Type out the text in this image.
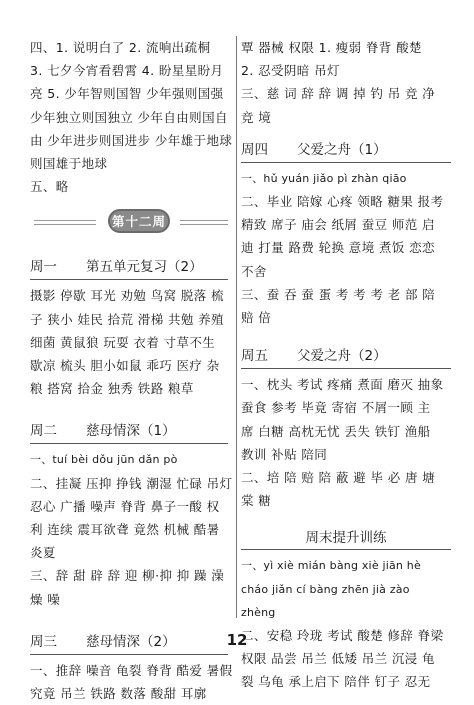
四、1. 说明白了 2. 流响出疏桐
3. 七夕今宵看碧霄 4. 盼星星盼月
亮 5. 少年智则国智 少年强则国强
少年独立则国独立 少年自由则国自
由 少年进步则国进步 少年雄于地球
则国雄于地球
五、略
第十二周
周一 第五单元复习（2）
摄影 停歇 耳光 劝勉 鸟窝 脱落 梳
子 狭小 娃民 拾荒 滑梯 共勉 养殖
细菌 黄鼠狼 玩耍 衣着 寸草不生
歇凉 梳头 胆小如鼠 乖巧 医疗 杂
粮 搭窝 拾金 独秀 铁路 粮草
周二 慈母情深（1）
一、tuí bèi dǒu jūn dǎn pò
二、挂凝 压抑 挣钱 潮湿 忙碌 吊灯
忍心 广播 噪声 脊背 鼻子一酸 权
利 连续 震耳欲聋 竟然 机械 酷暑
炎夏
三、辞 甜 辟 辞 迎 柳·抑 抑 躁 澡
燥 噪
周三 慈母情深（2）
一、推辞 噪音 龟裂 脊背 酷爱 暑假
究竟 吊兰 铁路 数落 酸甜 耳廓
覃 器械 权限 1. 瘦弱 脊背 酸楚
2. 忍受阴暗 吊灯
三、慈 词 辞 辞 调 掉 钓 吊 竞 净
竞 境
周四 父爱之舟（1）
一、hǔ yuán jiǎo pì zhàn qiāo
二、毕业 陪嫁 心疼 领略 糖果 报考
精致 席子 庙会 纸屑 蚕豆 师范 启
迪 打量 路费 轮换 意境 煮饭 恋恋
不舍
三、蚕 吞 蚕 蛋 考 考 考 老 部 陪
赔 倍
周五 父爱之舟（2）
一、枕头 考试 疼痛 煮面 磨灭 抽象
蚕食 参考 毕竟 寄宿 不屑一顾 主
席 白糖 高枕无忧 丢失 铁钉 渔船
教训 补贴 陪同
二、培 陪 赔 陪 蔽 避 毕 必 唐 塘
棠 糖
周末提升训练
一、yì xiè mián bàng xiè jiān hè
cháo jiǎn cí bàng zhēn jià zào
zhèng
二、安稳 玲珑 考试 酸楚 修辞 脊梁
权限 品尝 吊兰 低矮 吊兰 沉浸 龟
裂 乌龟 承上启下 陪伴 钉子 忍无
12
